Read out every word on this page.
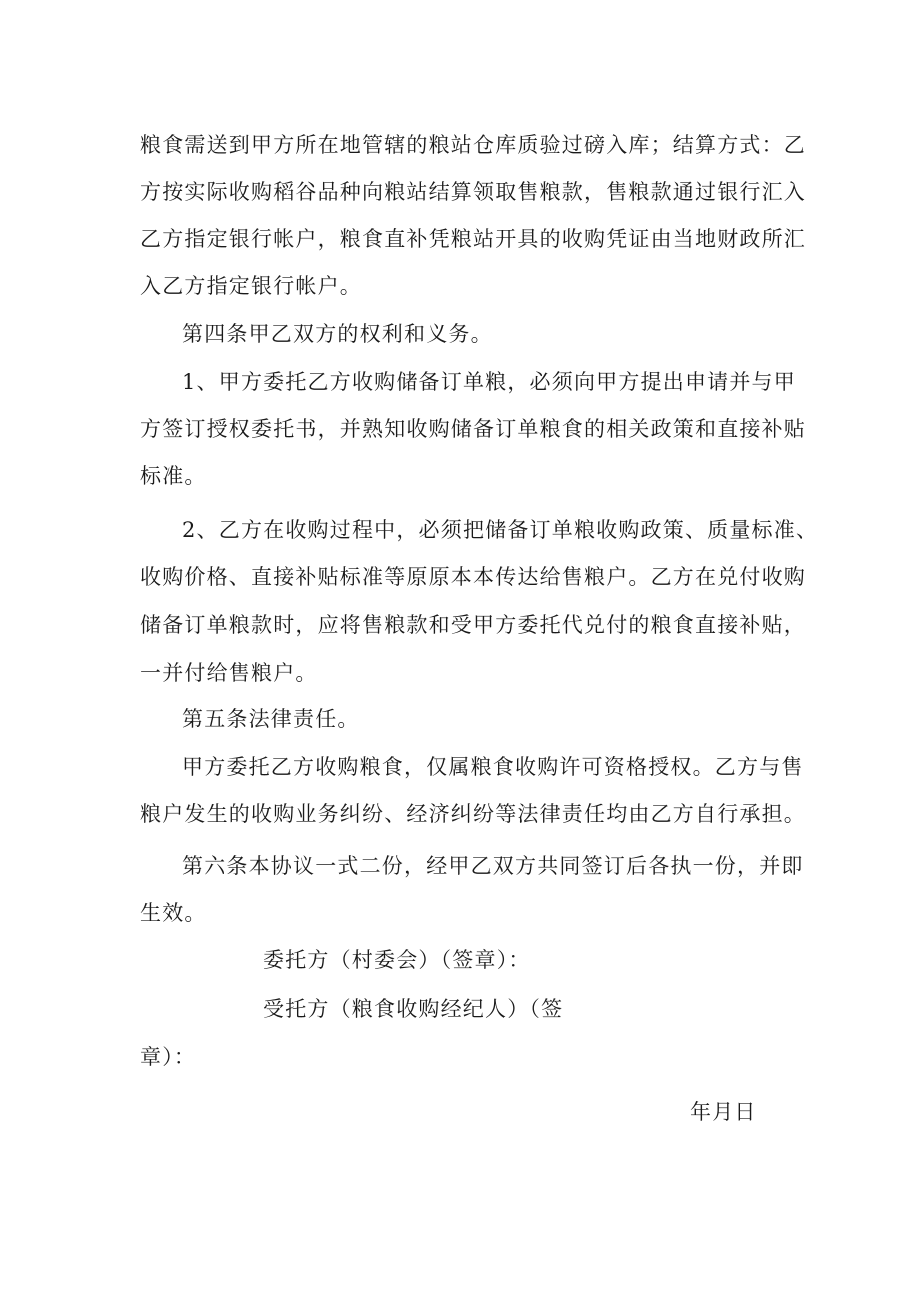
粮食需送到甲方所在地管辖的粮站仓库质验过磅入库；结算方式：乙
方按实际收购稻谷品种向粮站结算领取售粮款，售粮款通过银行汇入
乙方指定银行帐户，粮食直补凭粮站开具的收购凭证由当地财政所汇
入乙方指定银行帐户。
第四条甲乙双方的权利和义务。
1、甲方委托乙方收购储备订单粮，必须向甲方提出申请并与甲
方签订授权委托书，并熟知收购储备订单粮食的相关政策和直接补贴
标准。
2、乙方在收购过程中，必须把储备订单粮收购政策、质量标准、
收购价格、直接补贴标准等原原本本传达给售粮户。乙方在兑付收购
储备订单粮款时，应将售粮款和受甲方委托代兑付的粮食直接补贴，
一并付给售粮户。
第五条法律责任。
甲方委托乙方收购粮食，仅属粮食收购许可资格授权。乙方与售
粮户发生的收购业务纠纷、经济纠纷等法律责任均由乙方自行承担。
第六条本协议一式二份，经甲乙双方共同签订后各执一份，并即
生效。
委托方（村委会）（签章）：
受托方（粮食收购经纪人）（签
章）：
年月日
